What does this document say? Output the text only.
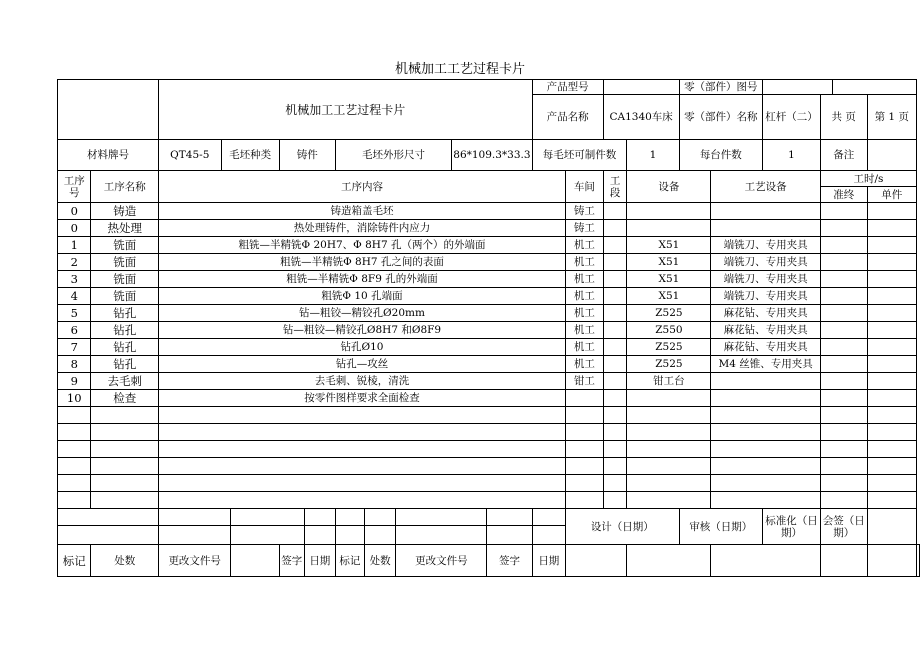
机械加工工艺过程卡片
		机械加工工艺过程卡片										产品型号				零（部件）图号						
												产品名称		CA1340车床		零（部件）名称		杠杆（二）	共 页		第 1 页	
材料牌号		QT45-5	毛坯种类		铸件		毛坯外形尺寸			86*109.3*33.3		每毛坯可制件数			1	每台件数		1	备注			
工序号	工序名称	工序内容											车间	工段	设备		工艺设备		工时/s			
																			准终		单件	
0	铸造	铸造箱盖毛坯											铸工									
0	热处理	热处理铸件，消除铸件内应力											铸工									
1	铣面	粗铣—半精铣Φ 20H7、Φ 8H7 孔（两个）的外端面											机工		X51		端铣刀、专用夹具					
2	铣面	粗铣—半精铣Φ 8H7 孔之间的表面											机工		X51		端铣刀、专用夹具					
3	铣面	粗铣—半精铣Φ 8F9 孔的外端面											机工		X51		端铣刀、专用夹具					
4	铣面	粗铣Φ 10 孔端面											机工		X51		端铣刀、专用夹具					
5	钻孔	钻—粗铰—精铰孔Ø20mm											机工		Z525		麻花钻、专用夹具					
6	钻孔	钻—粗铰—精铰孔Ø8H7 和Ø8F9											机工		Z550		麻花钻、专用夹具					
7	钻孔	钻孔Ø10											机工		Z525		麻花钻、专用夹具					
8	钻孔	钻孔—攻丝											机工		Z525		M4 丝锥、专用夹具					
9	去毛刺	去毛刺、锐棱，清洗											钳工		钳工台							
10	检查	按零件图样要求全面检查																				

													设计（日期）			审核（日期）		标准化（日期）	会签（日期）			

标记	处数	更改文件号			签字	日期	标记	处数	更改文件号		签字	日期										
